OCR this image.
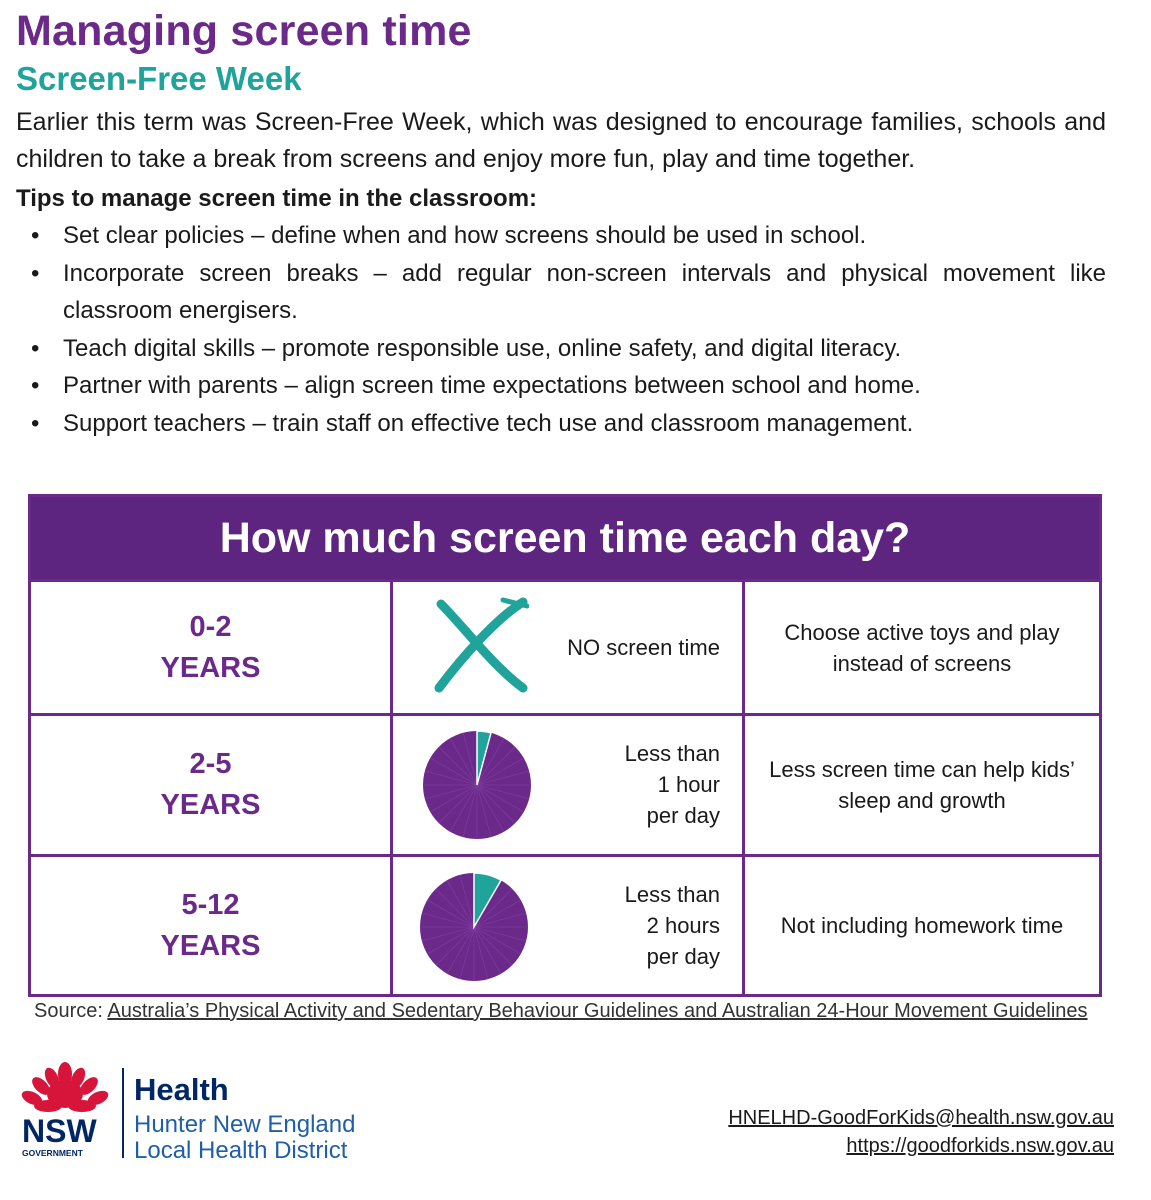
Managing screen time
Screen-Free Week

Earlier this term was Screen-Free Week, which was designed to encourage families, schools and children to take a break from screens and enjoy more fun, play and time together.

Tips to manage screen time in the classroom:
• Set clear policies – define when and how screens should be used in school.
• Incorporate screen breaks – add regular non-screen intervals and physical movement like classroom energisers.
• Teach digital skills – promote responsible use, online safety, and digital literacy.
• Partner with parents – align screen time expectations between school and home.
• Support teachers – train staff on effective tech use and classroom management.
How much screen time each day?
0-2
YEARS
NO screen time
Choose active toys and play instead of screens
2-5
YEARS
Less than
1 hour
per day
Less screen time can help kids’ sleep and growth
5-12
YEARS
Less than
2 hours
per day
Not including homework time
Source: Australia’s Physical Activity and Sedentary Behaviour Guidelines and Australian 24-Hour Movement Guidelines
NSW
GOVERNMENT
Health
Hunter New England
Local Health District
HNELHD-GoodForKids@health.nsw.gov.au
https://goodforkids.nsw.gov.au
